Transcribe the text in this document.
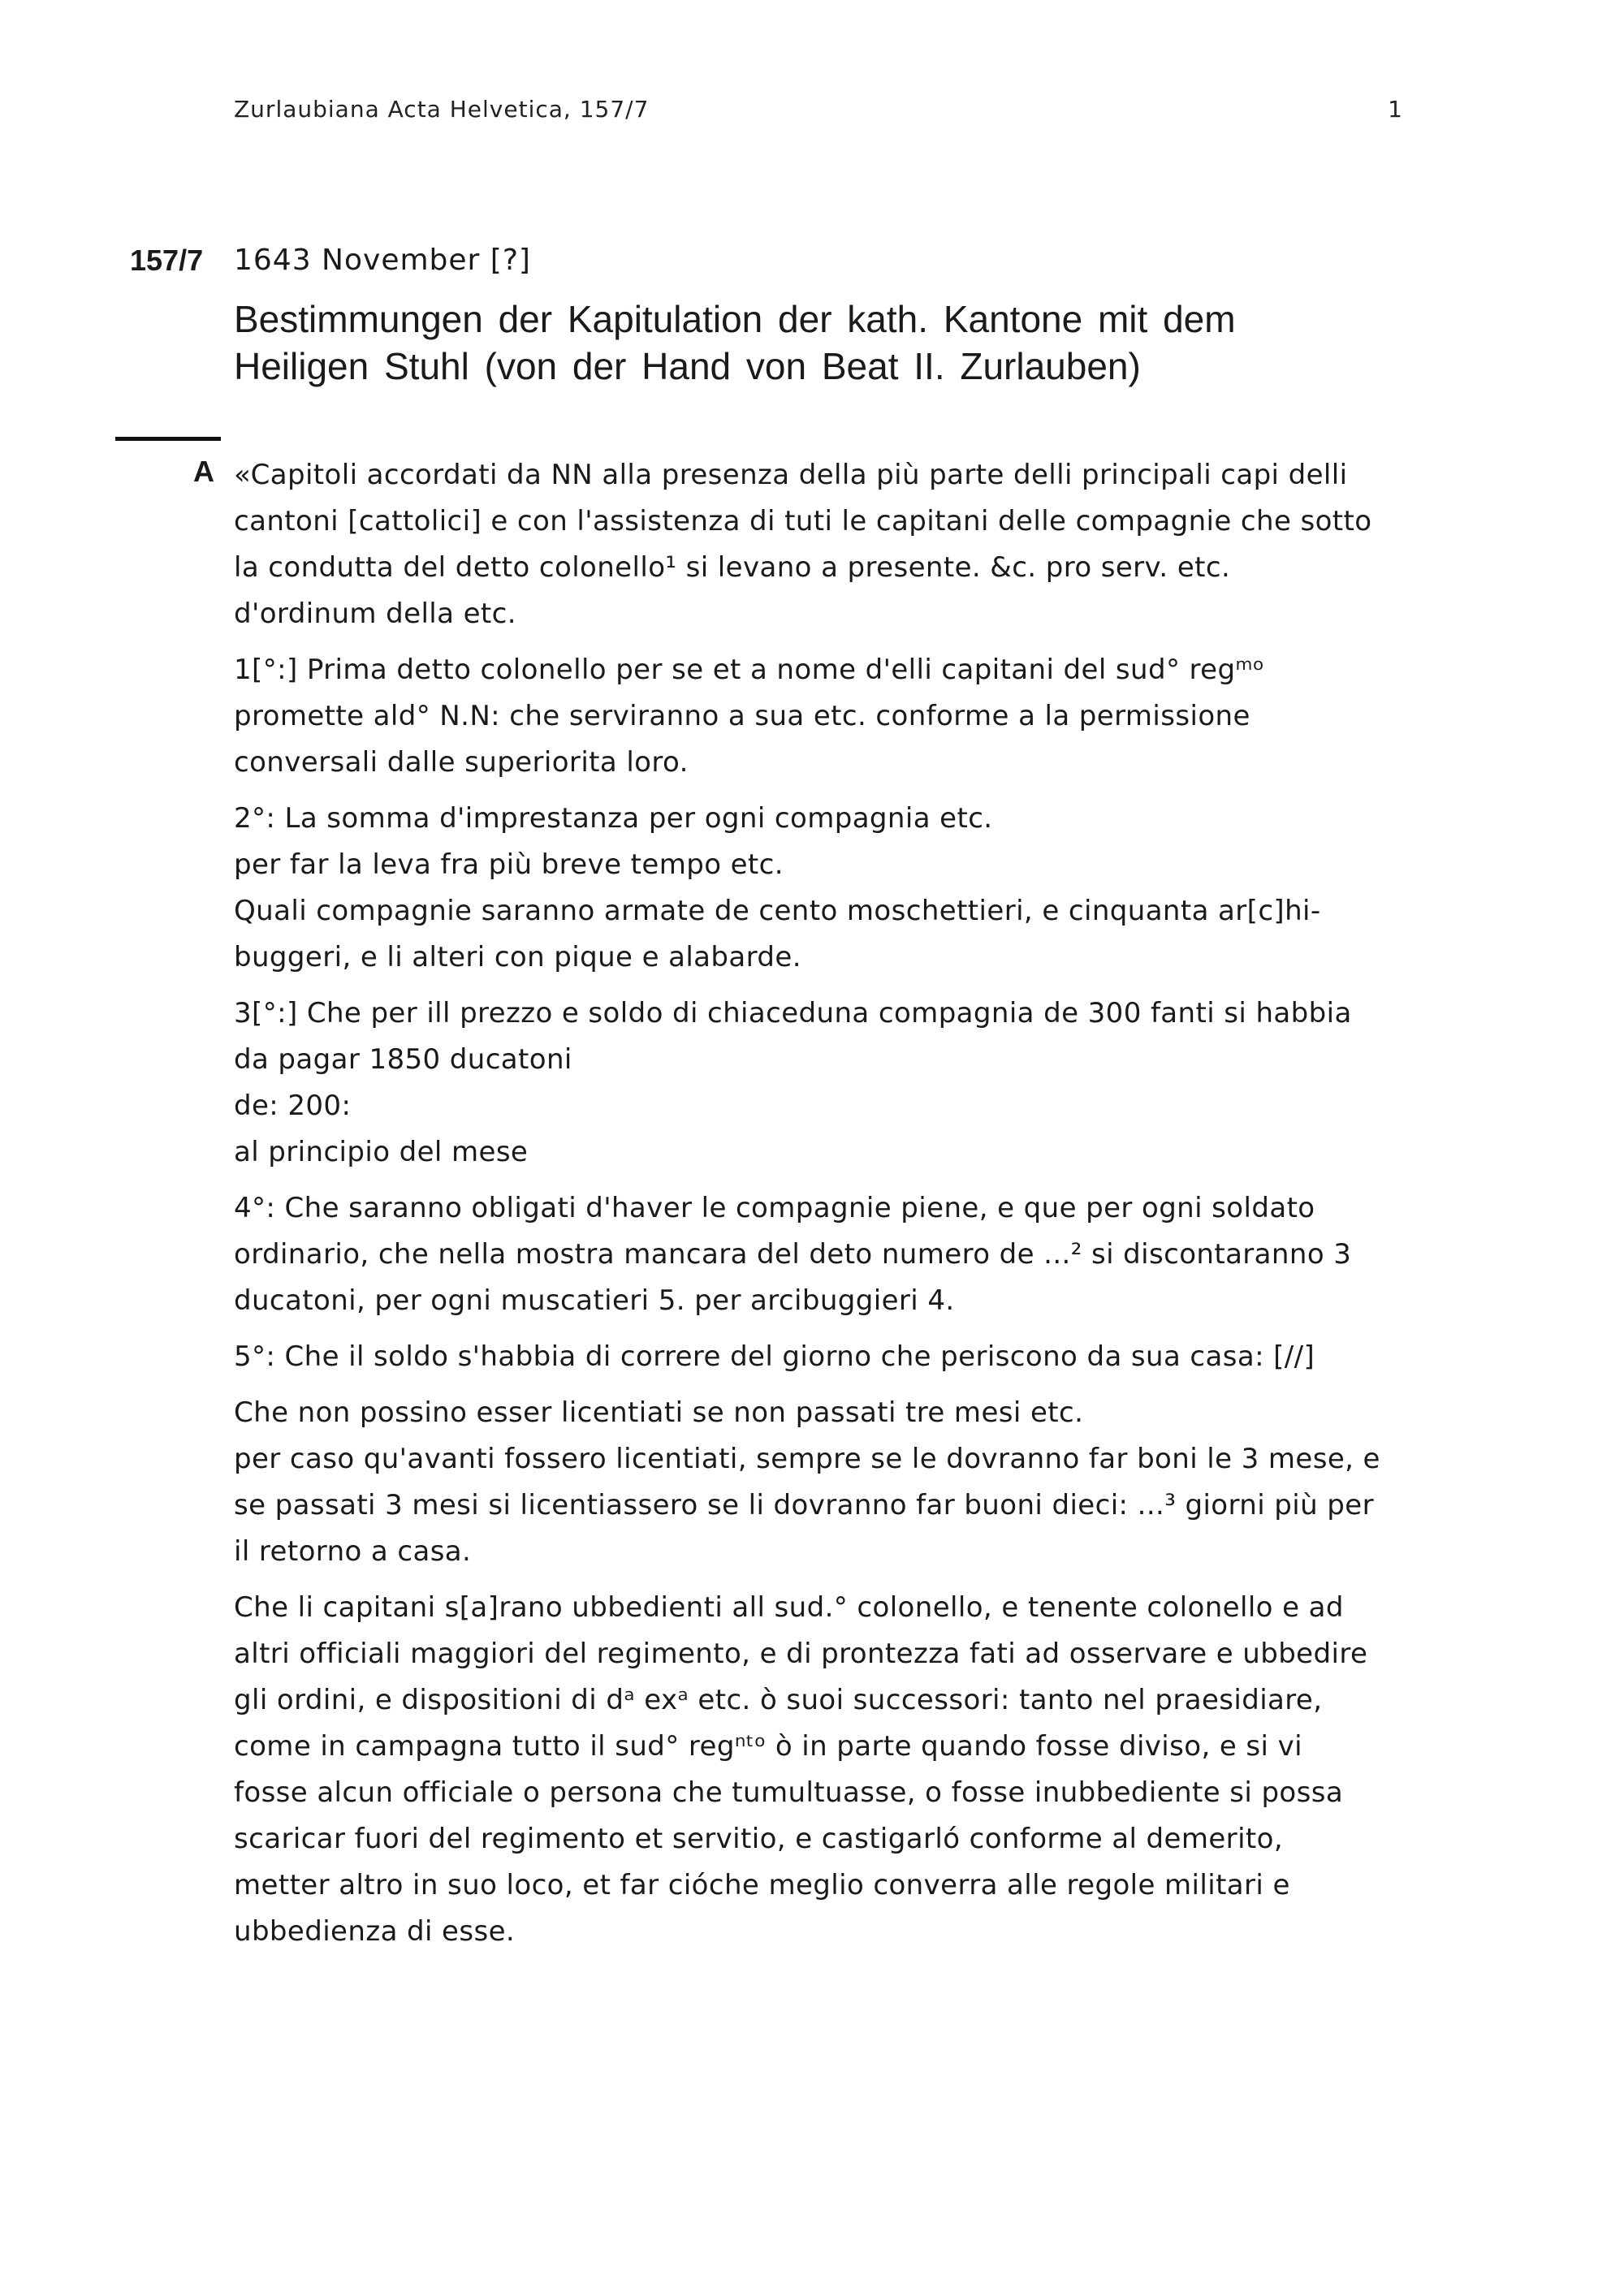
Zurlaubiana Acta Helvetica, 157/7	1
157/7 1643 November [?]
Bestimmungen der Kapitulation der kath. Kantone mit dem
Heiligen Stuhl (von der Hand von Beat II. Zurlauben)
A «Capitoli accordati da NN alla presenza della più parte delli principali capi delli
cantoni [cattolici] e con l'assistenza di tuti le capitani delle compagnie che sotto
la condutta del detto colonello¹ si levano a presente. &c. pro serv. etc.
d'ordinum della etc.
1[°:] Prima detto colonello per se et a nome d'elli capitani del sud° regᵐᵒ
promette ald° N.N: che serviranno a sua etc. conforme a la permissione
conversali dalle superiorita loro.
2°: La somma d'imprestanza per ogni compagnia etc.
per far la leva fra più breve tempo etc.
Quali compagnie saranno armate de cento moschettieri, e cinquanta ar[c]hi-
buggeri, e li alteri con pique e alabarde.
3[°:] Che per ill prezzo e soldo di chiaceduna compagnia de 300 fanti si habbia
da pagar 1850 ducatoni
de: 200:
al principio del mese
4°: Che saranno obligati d'haver le compagnie piene, e que per ogni soldato
ordinario, che nella mostra mancara del deto numero de ...² si discontaranno 3
ducatoni, per ogni muscatieri 5. per arcibuggieri 4.
5°: Che il soldo s'habbia di correre del giorno che periscono da sua casa: [//]
Che non possino esser licentiati se non passati tre mesi etc.
per caso qu'avanti fossero licentiati, sempre se le dovranno far boni le 3 mese, e
se passati 3 mesi si licentiassero se li dovranno far buoni dieci: ...³ giorni più per
il retorno a casa.
Che li capitani s[a]rano ubbedienti all sud.° colonello, e tenente colonello e ad
altri officiali maggiori del regimento, e di prontezza fati ad osservare e ubbedire
gli ordini, e dispositioni di dᵃ exᵃ etc. ò suoi successori: tanto nel praesidiare,
come in campagna tutto il sud° regⁿᵗᵒ ò in parte quando fosse diviso, e si vi
fosse alcun officiale o persona che tumultuasse, o fosse inubbediente si possa
scaricar fuori del regimento et servitio, e castigarló conforme al demerito,
metter altro in suo loco, et far cióche meglio converra alle regole militari e
ubbedienza di esse.
